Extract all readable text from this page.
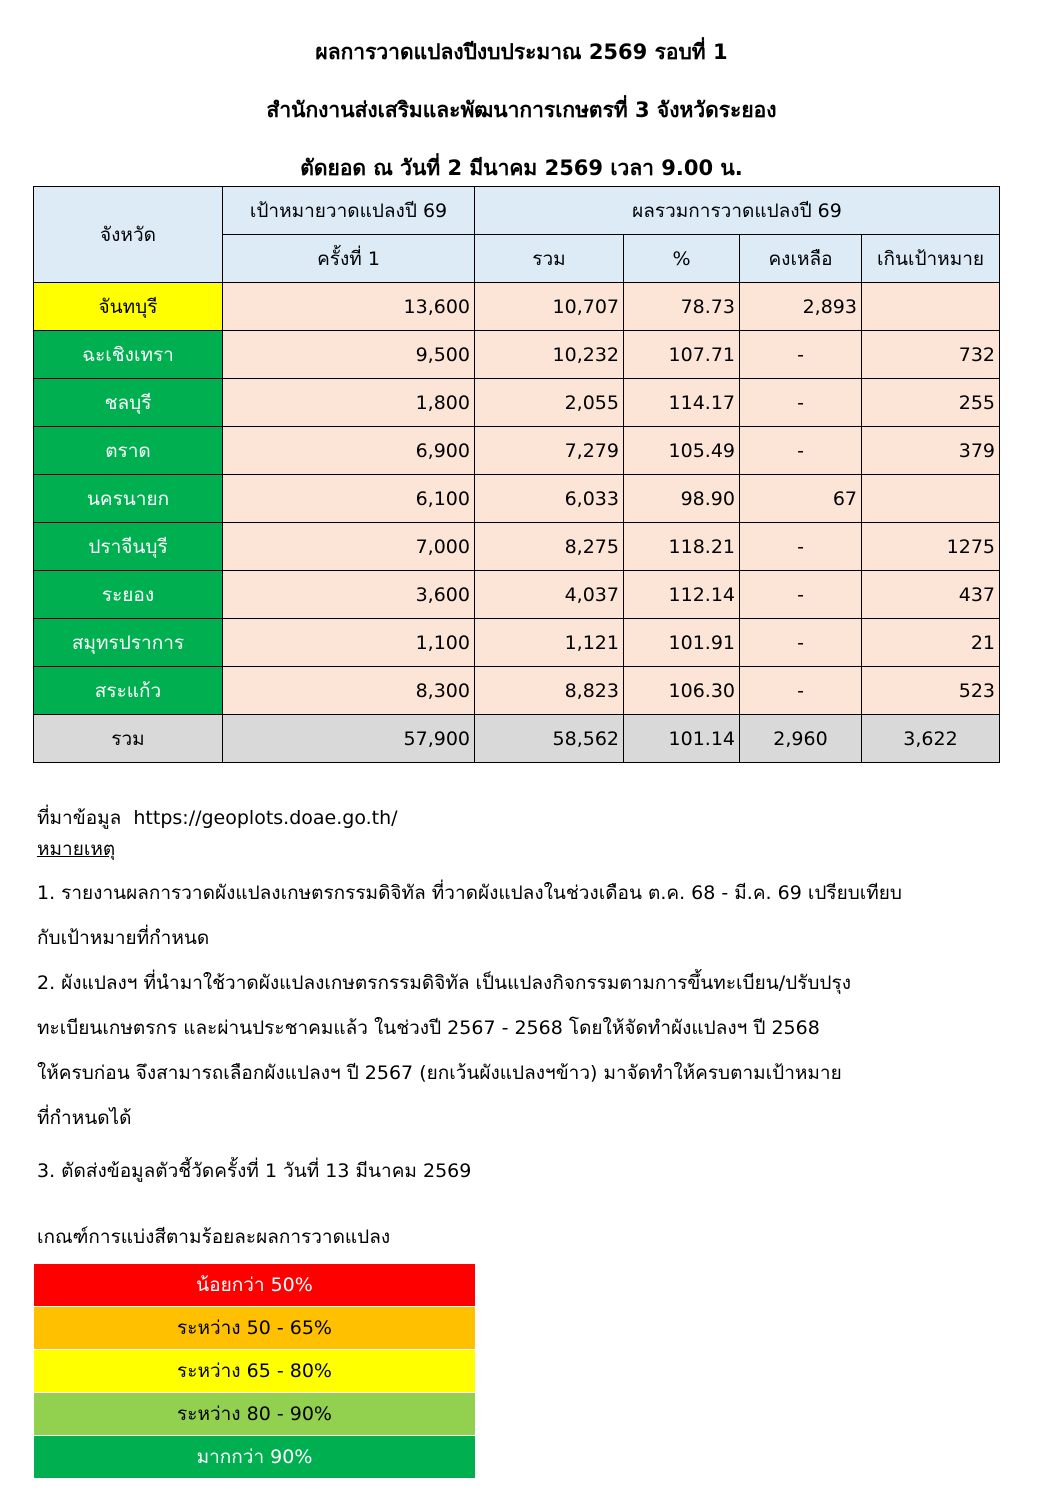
ผลการวาดแปลงปีงบประมาณ 2569 รอบที่ 1
สำนักงานส่งเสริมและพัฒนาการเกษตรที่ 3 จังหวัดระยอง
ตัดยอด ณ วันที่ 2 มีนาคม 2569 เวลา 9.00 น.
จังหวัด	เป้าหมายวาดแปลงปี 69	ผลรวมการวาดแปลงปี 69			
	ครั้งที่ 1	รวม	%	คงเหลือ	เกินเป้าหมาย
จันทบุรี	13,600	10,707	78.73	2,893	
ฉะเชิงเทรา	9,500	10,232	107.71	-	732
ชลบุรี	1,800	2,055	114.17	-	255
ตราด	6,900	7,279	105.49	-	379
นครนายก	6,100	6,033	98.90	67	
ปราจีนบุรี	7,000	8,275	118.21	-	1275
ระยอง	3,600	4,037	112.14	-	437
สมุทรปราการ	1,100	1,121	101.91	-	21
สระแก้ว	8,300	8,823	106.30	-	523
รวม	57,900	58,562	101.14	2,960	3,622
ที่มาข้อมูล https://geoplots.doae.go.th/
หมายเหตุ
1. รายงานผลการวาดผังแปลงเกษตรกรรมดิจิทัล ที่วาดผังแปลงในช่วงเดือน ต.ค. 68 - มี.ค. 69 เปรียบเทียบ
กับเป้าหมายที่กำหนด
2. ผังแปลงฯ ที่นำมาใช้วาดผังแปลงเกษตรกรรมดิจิทัล เป็นแปลงกิจกรรมตามการขึ้นทะเบียน/ปรับปรุง
ทะเบียนเกษตรกร และผ่านประชาคมแล้ว ในช่วงปี 2567 - 2568 โดยให้จัดทำผังแปลงฯ ปี 2568
ให้ครบก่อน จึงสามารถเลือกผังแปลงฯ ปี 2567 (ยกเว้นผังแปลงฯข้าว) มาจัดทำให้ครบตามเป้าหมาย
ที่กำหนดได้
3. ตัดส่งข้อมูลตัวชี้วัดครั้งที่ 1 วันที่ 13 มีนาคม 2569
เกณฑ์การแบ่งสีตามร้อยละผลการวาดแปลง
น้อยกว่า 50%
ระหว่าง 50 - 65%
ระหว่าง 65 - 80%
ระหว่าง 80 - 90%
มากกว่า 90%
